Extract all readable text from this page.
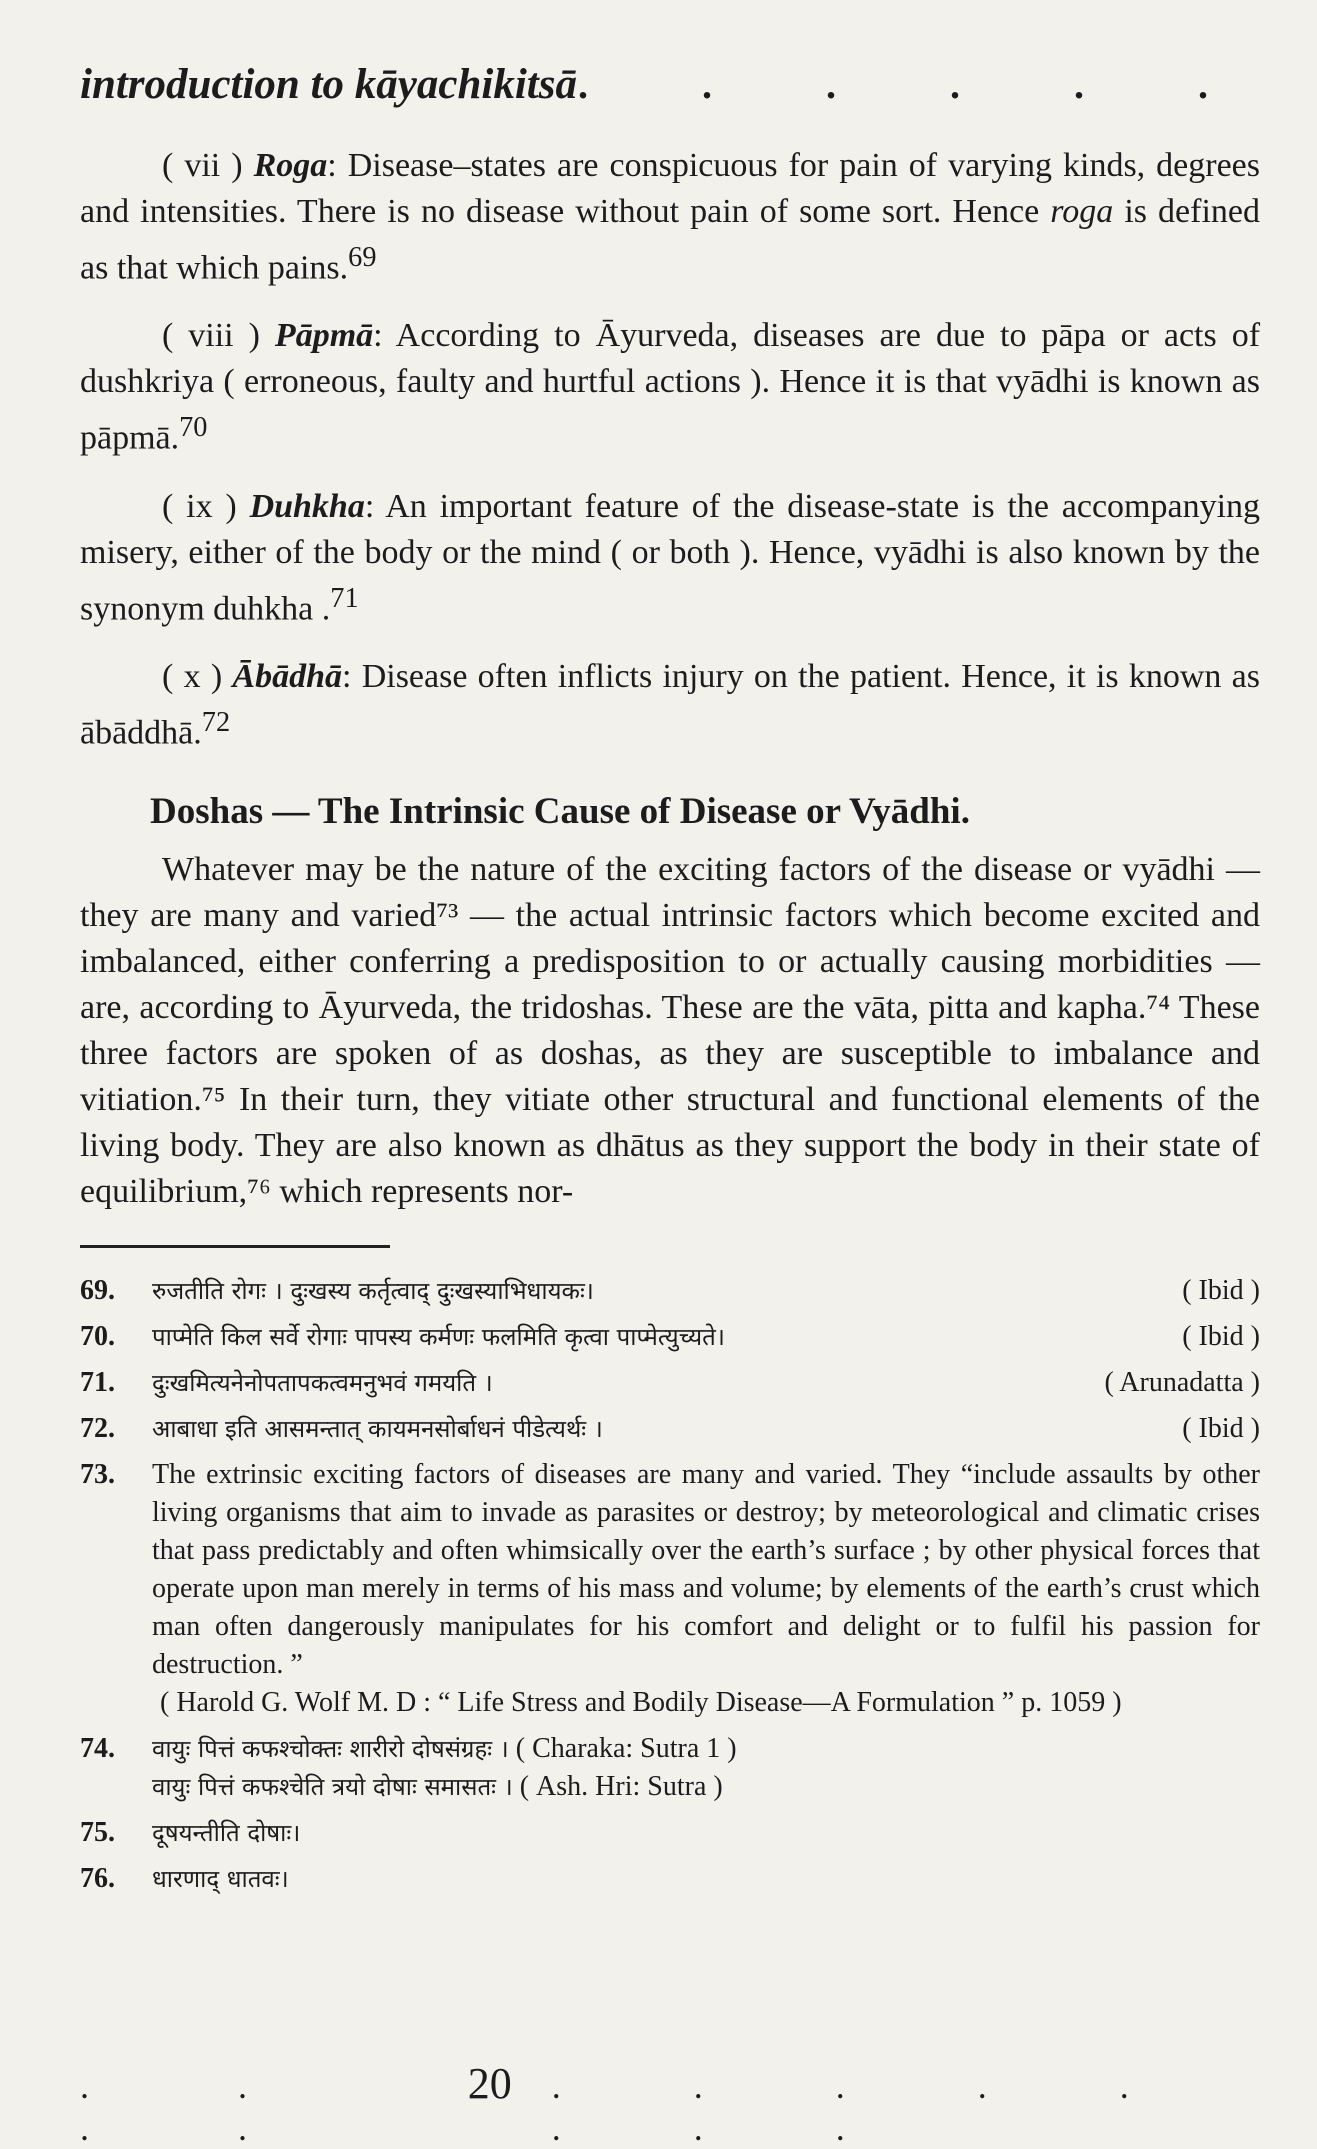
introduction to kāyachikitsā . . . . . .

( vii ) Roga: Disease–states are conspicuous for pain of varying kinds, degrees and intensities. There is no disease without pain of some sort. Hence roga is defined as that which pains.$^{69}$

( viii ) Pāpmā: According to Āyurveda, diseases are due to pāpa or acts of dushkriya ( erroneous, faulty and hurtful actions ). Hence it is that vyādhi is known as pāpmā.$^{70}$

( ix ) Duhkha: An important feature of the disease-state is the accompanying misery, either of the body or the mind ( or both ). Hence, vyādhi is also known by the synonym duhkha .$^{71}$

( x ) Ābādhā: Disease often inflicts injury on the patient. Hence, it is known as ābāddhā.$^{72}$

Doshas — The Intrinsic Cause of Disease or Vyādhi.

Whatever may be the nature of the exciting factors of the disease or vyādhi — they are many and varied⁷³ — the actual intrinsic factors which become excited and imbalanced, either conferring a predisposition to or actually causing morbidities — are, according to Āyurveda, the tridoshas. These are the vāta, pitta and kapha.⁷⁴ These three factors are spoken of as doshas, as they are susceptible to imbalance and vitiation.⁷⁵ In their turn, they vitiate other structural and functional elements of the living body. They are also known as dhātus as they support the body in their state of equilibrium,⁷⁶ which represents nor-

69.	रुजतीति रोगः । दुःखस्य कर्तृत्वाद् दुःखस्याभिधायकः।	( Ibid )
70.	पाप्मेति किल सर्वे रोगाः पापस्य कर्मणः फलमिति कृत्वा पाप्मेत्युच्यते।	( Ibid )
71.	दुःखमित्यनेनोपतापकत्वमनुभवं गमयति ।	( Arunadatta )
72.	आबाधा इति आसमन्तात् कायमनसोर्बाधनं पीडेत्यर्थः ।	( Ibid )
73.	The extrinsic exciting factors of diseases are many and varied. They “include assaults by other living organisms that aim to invade as parasites or destroy; by meteorological and climatic crises that pass predictably and often whimsically over the earth’s surface ; by other physical forces that operate upon man merely in terms of his mass and volume; by elements of the earth’s crust which man often dangerously manipulates for his comfort and delight or to fulfil his passion for destruction. ”
( Harold G. Wolf M. D : “ Life Stress and Bodily Disease—A Formulation ” p. 1059 )
74.	वायुः पित्तं कफश्चोक्तः शारीरो दोषसंग्रहः । ( Charaka: Sutra 1 )
वायुः पित्तं कफश्चेति त्रयो दोषाः समासतः । ( Ash. Hri: Sutra )
75.	दूषयन्तीति दोषाः।
76.	धारणाद् धातवः।
. . . .
20 . . . . . . . .
